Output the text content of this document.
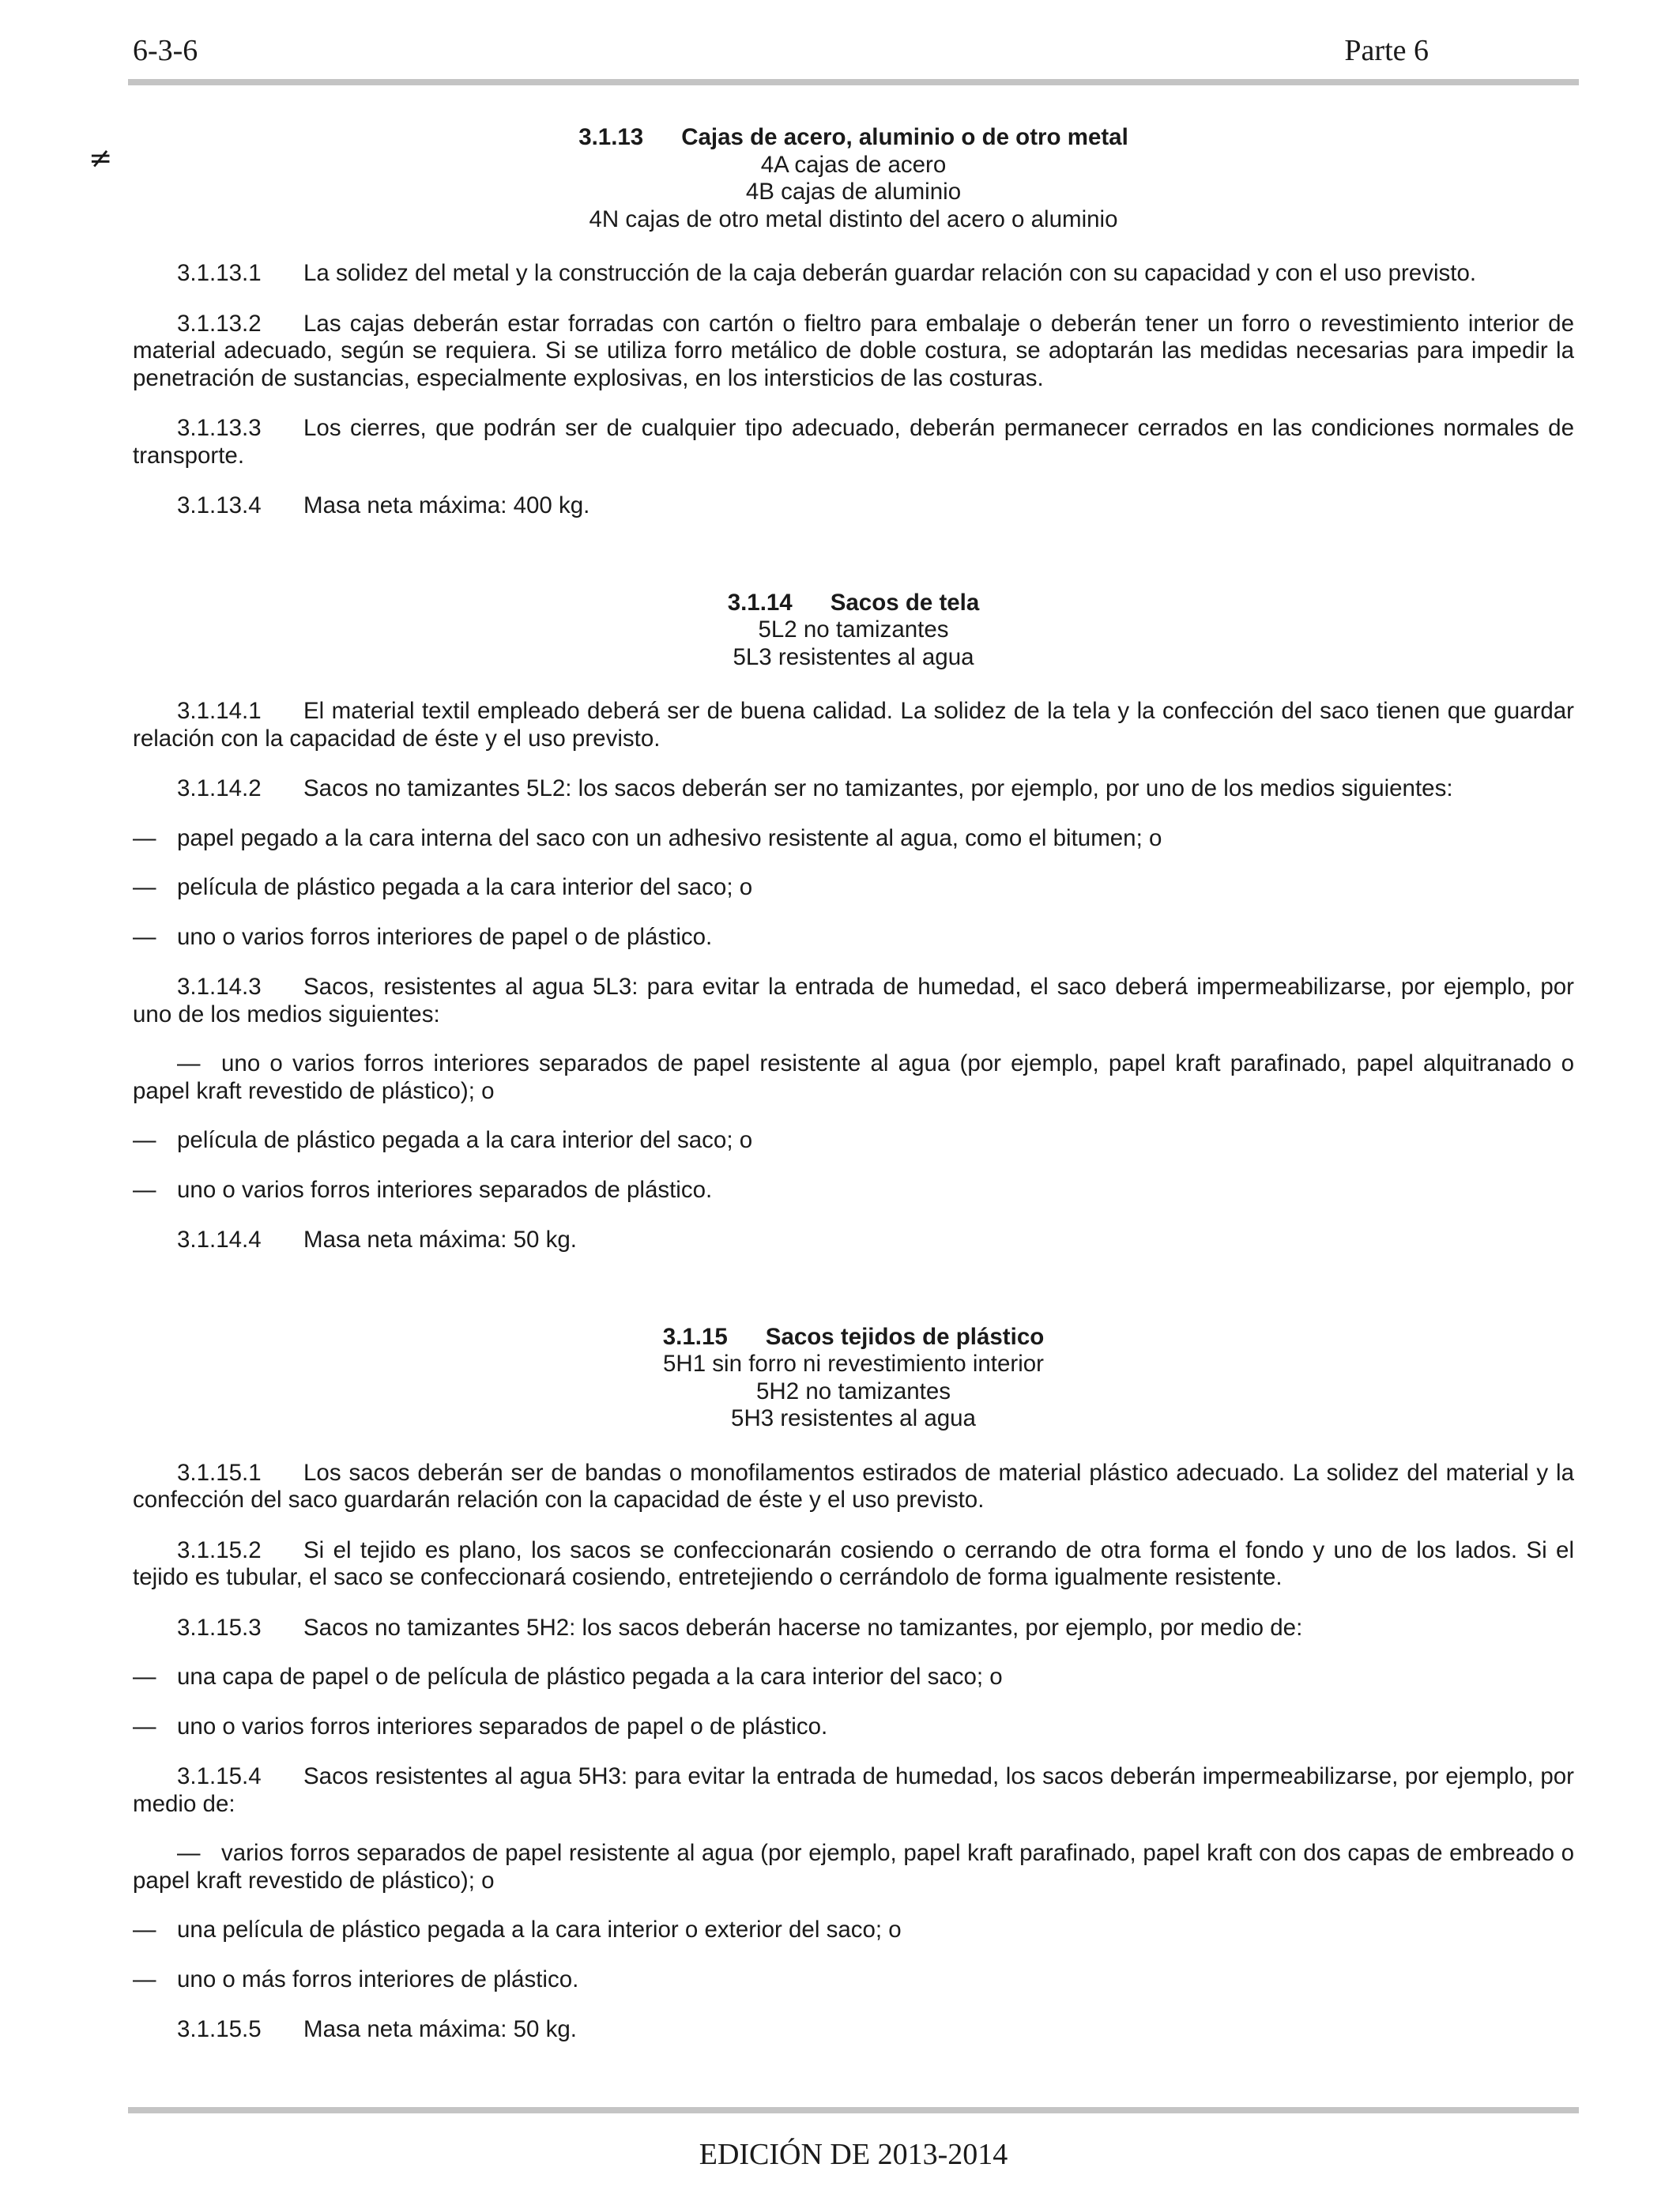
6-3-6	Parte 6
≠
3.1.13 Cajas de acero, aluminio o de otro metal
4A cajas de acero
4B cajas de aluminio
4N cajas de otro metal distinto del acero o aluminio
3.1.13.1 La solidez del metal y la construcción de la caja deberán guardar relación con su capacidad y con el uso previsto.
3.1.13.2 Las cajas deberán estar forradas con cartón o fieltro para embalaje o deberán tener un forro o revestimiento interior de material adecuado, según se requiera. Si se utiliza forro metálico de doble costura, se adoptarán las medidas necesarias para impedir la penetración de sustancias, especialmente explosivas, en los intersticios de las costuras.
3.1.13.3 Los cierres, que podrán ser de cualquier tipo adecuado, deberán permanecer cerrados en las condiciones normales de transporte.
3.1.13.4 Masa neta máxima: 400 kg.
3.1.14 Sacos de tela
5L2 no tamizantes
5L3 resistentes al agua
3.1.14.1 El material textil empleado deberá ser de buena calidad. La solidez de la tela y la confección del saco tienen que guardar relación con la capacidad de éste y el uso previsto.
3.1.14.2 Sacos no tamizantes 5L2: los sacos deberán ser no tamizantes, por ejemplo, por uno de los medios siguientes:
— papel pegado a la cara interna del saco con un adhesivo resistente al agua, como el bitumen; o
— película de plástico pegada a la cara interior del saco; o
— uno o varios forros interiores de papel o de plástico.
3.1.14.3 Sacos, resistentes al agua 5L3: para evitar la entrada de humedad, el saco deberá impermeabilizarse, por ejemplo, por uno de los medios siguientes:
— uno o varios forros interiores separados de papel resistente al agua (por ejemplo, papel kraft parafinado, papel alquitranado o papel kraft revestido de plástico); o
— película de plástico pegada a la cara interior del saco; o
— uno o varios forros interiores separados de plástico.
3.1.14.4 Masa neta máxima: 50 kg.
3.1.15 Sacos tejidos de plástico
5H1 sin forro ni revestimiento interior
5H2 no tamizantes
5H3 resistentes al agua
3.1.15.1 Los sacos deberán ser de bandas o monofilamentos estirados de material plástico adecuado. La solidez del material y la confección del saco guardarán relación con la capacidad de éste y el uso previsto.
3.1.15.2 Si el tejido es plano, los sacos se confeccionarán cosiendo o cerrando de otra forma el fondo y uno de los lados. Si el tejido es tubular, el saco se confeccionará cosiendo, entretejiendo o cerrándolo de forma igualmente resistente.
3.1.15.3 Sacos no tamizantes 5H2: los sacos deberán hacerse no tamizantes, por ejemplo, por medio de:
— una capa de papel o de película de plástico pegada a la cara interior del saco; o
— uno o varios forros interiores separados de papel o de plástico.
3.1.15.4 Sacos resistentes al agua 5H3: para evitar la entrada de humedad, los sacos deberán impermeabilizarse, por ejemplo, por medio de:
— varios forros separados de papel resistente al agua (por ejemplo, papel kraft parafinado, papel kraft con dos capas de embreado o papel kraft revestido de plástico); o
— una película de plástico pegada a la cara interior o exterior del saco; o
— uno o más forros interiores de plástico.
3.1.15.5 Masa neta máxima: 50 kg.
EDICIÓN DE 2013-2014
